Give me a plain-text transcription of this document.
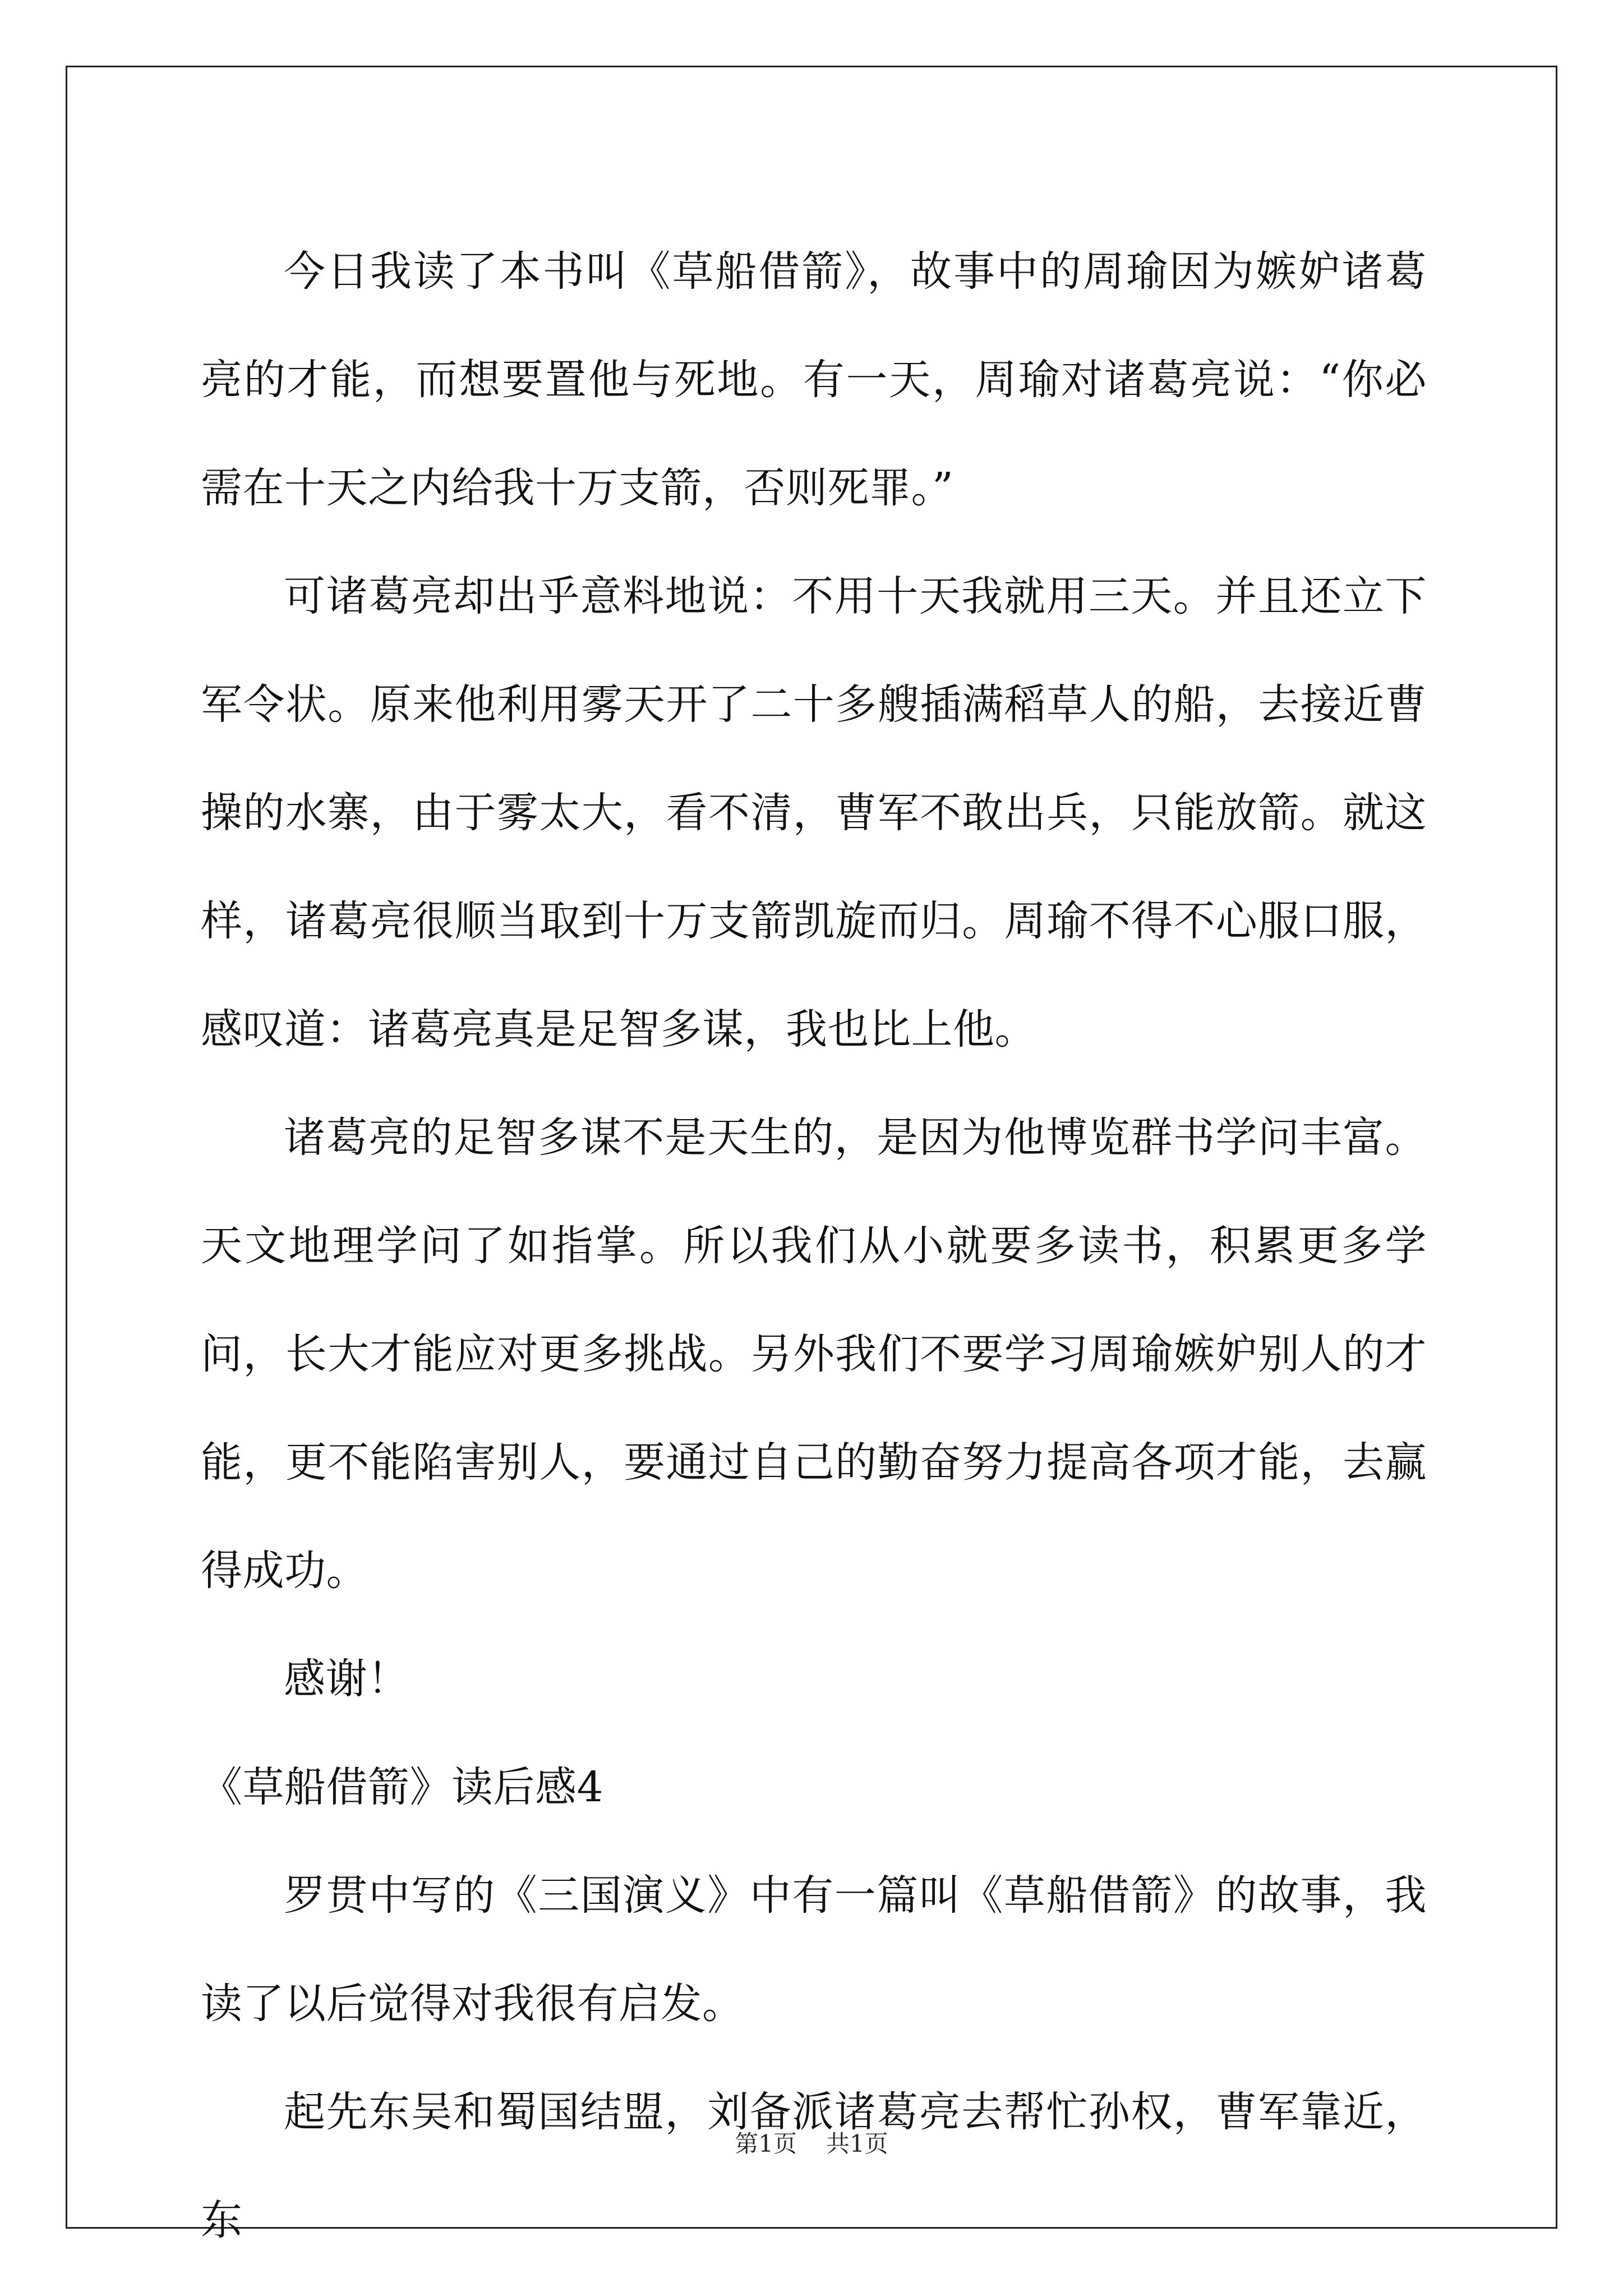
今日我读了本书叫《草船借箭》，故事中的周瑜因为嫉妒诸葛亮的才能，而想要置他与死地。有一天，周瑜对诸葛亮说：“你必需在十天之内给我十万支箭，否则死罪。”

可诸葛亮却出乎意料地说：不用十天我就用三天。并且还立下军令状。原来他利用雾天开了二十多艘插满稻草人的船，去接近曹操的水寨，由于雾太大，看不清，曹军不敢出兵，只能放箭。就这样，诸葛亮很顺当取到十万支箭凯旋而归。周瑜不得不心服口服，感叹道：诸葛亮真是足智多谋，我也比上他。

诸葛亮的足智多谋不是天生的，是因为他博览群书学问丰富。天文地理学问了如指掌。所以我们从小就要多读书，积累更多学问，长大才能应对更多挑战。另外我们不要学习周瑜嫉妒别人的才能，更不能陷害别人，要通过自己的勤奋努力提高各项才能，去赢得成功。

感谢！

《草船借箭》读后感4

罗贯中写的《三国演义》中有一篇叫《草船借箭》的故事，我读了以后觉得对我很有启发。

起先东吴和蜀国结盟，刘备派诸葛亮去帮忙孙权，曹军靠近，东

第1页 共1页
